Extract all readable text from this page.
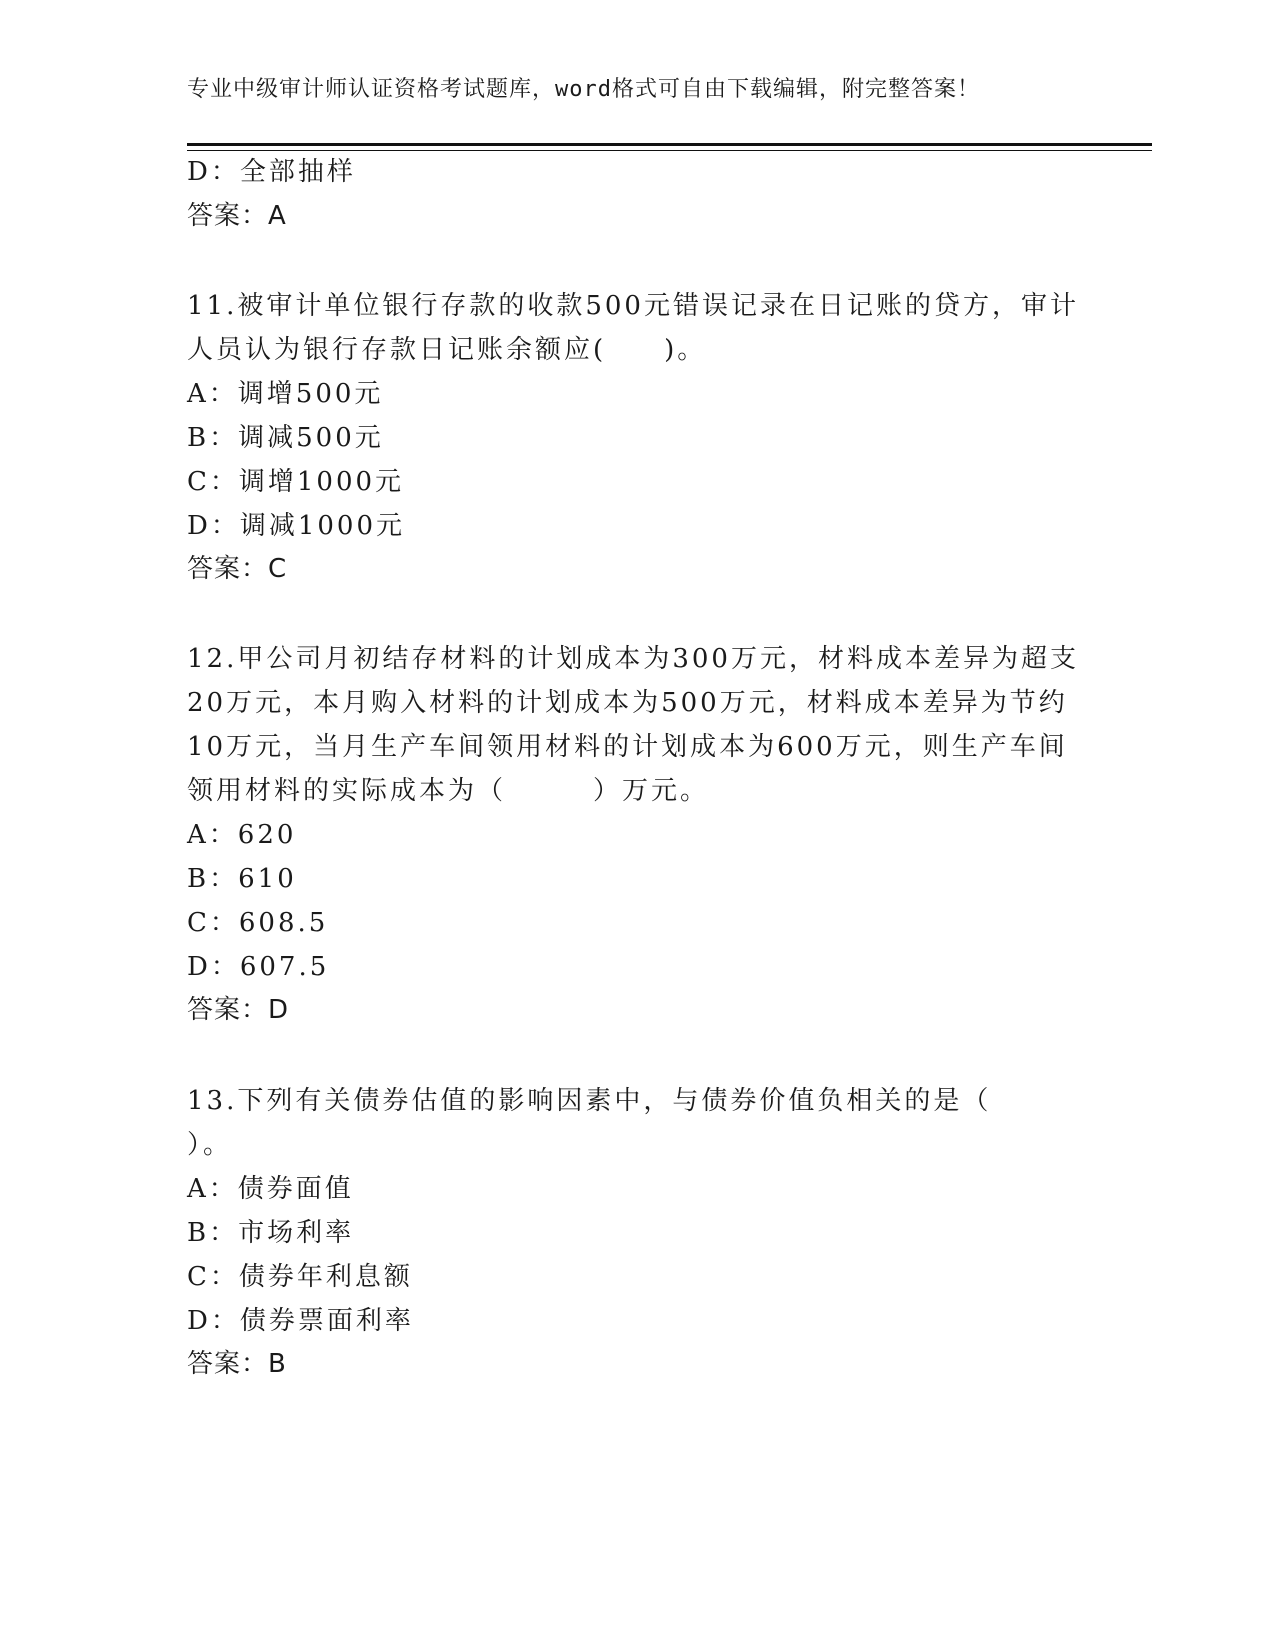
专业中级审计师认证资格考试题库，word格式可自由下载编辑，附完整答案！
D：全部抽样
答案：A
11.被审计单位银行存款的收款500元错误记录在日记账的贷方，审计
人员认为银行存款日记账余额应(　　)。
A：调增500元
B：调减500元
C：调增1000元
D：调减1000元
答案：C
12.甲公司月初结存材料的计划成本为300万元，材料成本差异为超支
20万元，本月购入材料的计划成本为500万元，材料成本差异为节约
10万元，当月生产车间领用材料的计划成本为600万元，则生产车间
领用材料的实际成本为（　　　）万元。
A：620
B：610
C：608.5
D：607.5
答案：D
13.下列有关债券估值的影响因素中，与债券价值负相关的是（
）。
A：债券面值
B：市场利率
C：债券年利息额
D：债券票面利率
答案：B
